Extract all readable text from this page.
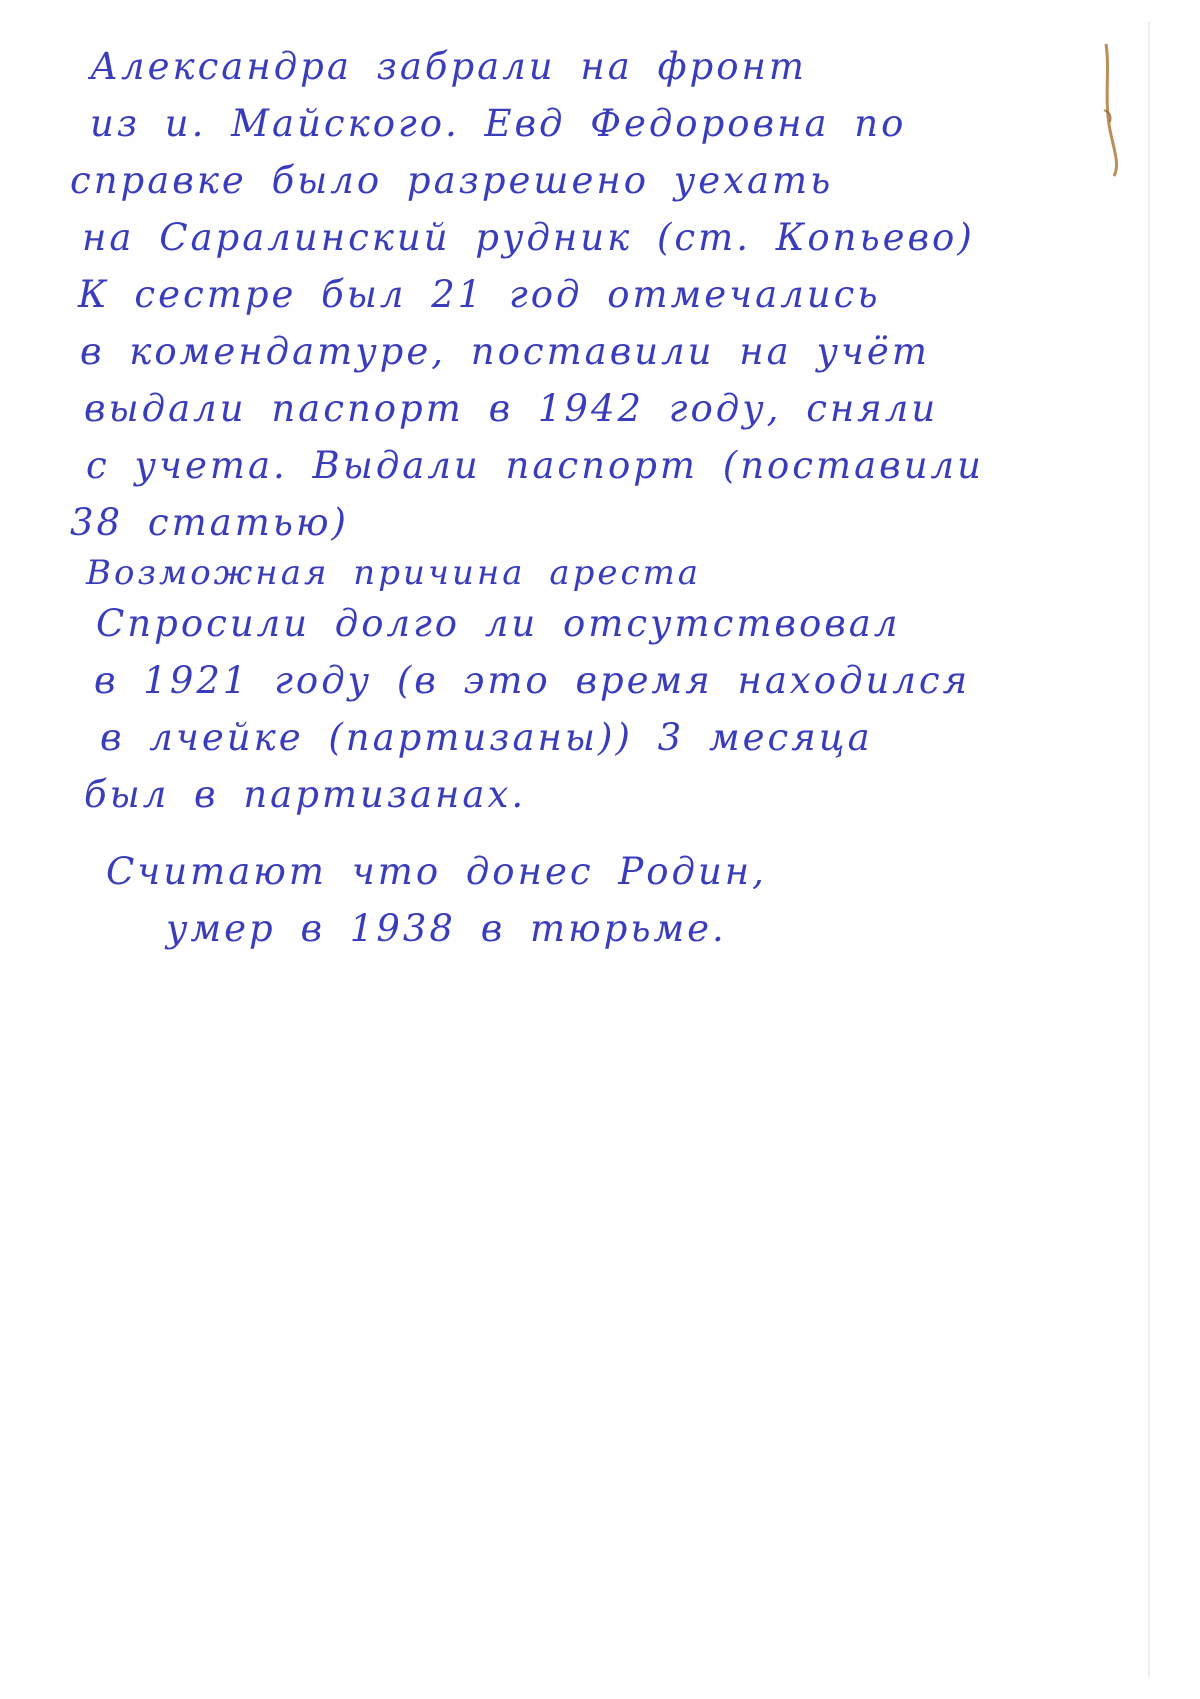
Александра забрали на фронт
из и. Майского. Евд Федоровна по
справке было разрешено уехать
на Саралинский рудник (ст. Копьево)
К сестре был 21 год отмечались
в комендатуре, поставили на учёт
выдали паспорт в 1942 году, сняли
с учета. Выдали паспорт (поставили
38 статью)
Возможная причина ареста
Спросили долго ли отсутствовал
в 1921 году (в это время находился
в лчейке (партизаны)) 3 месяца
был в партизанах.
Считают что донес Родин,
умер в 1938 в тюрьме.
